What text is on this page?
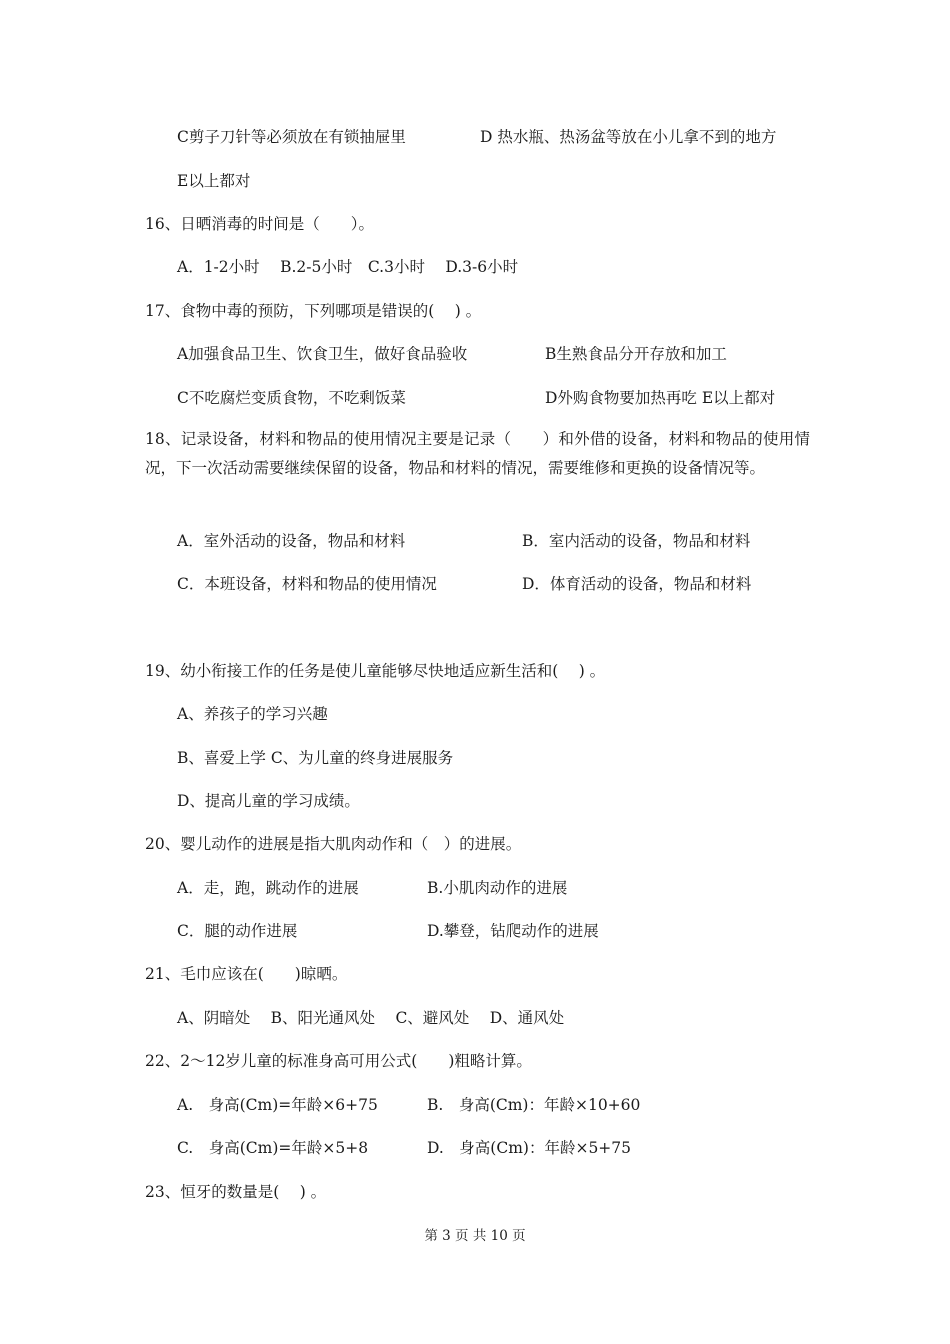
C剪子刀针等必须放在有锁抽屉里	D 热水瓶、热汤盆等放在小儿拿不到的地方
E以上都对
16、日晒消毒的时间是（　　）。
A．1-2小时　 B.2-5小时　C.3小时　 D.3-6小时
17、食物中毒的预防，下列哪项是错误的(　 ) 。
A加强食品卫生、饮食卫生，做好食品验收	B生熟食品分开存放和加工
C不吃腐烂变质食物，不吃剩饭菜	D外购食物要加热再吃 E以上都对
18、记录设备，材料和物品的使用情况主要是记录（　　）和外借的设备，材料和物品的使用情况，下一次活动需要继续保留的设备，物品和材料的情况，需要维修和更换的设备情况等。
A．室外活动的设备，物品和材料	B．室内活动的设备，物品和材料
C．本班设备，材料和物品的使用情况	D．体育活动的设备，物品和材料
19、幼小衔接工作的任务是使儿童能够尽快地适应新生活和(　 ) 。
A、养孩子的学习兴趣
B、喜爱上学 C、为儿童的终身进展服务
D、提高儿童的学习成绩。
20、婴儿动作的进展是指大肌肉动作和（　）的进展。
A．走，跑，跳动作的进展	B.小肌肉动作的进展
C．腿的动作进展	D.攀登，钻爬动作的进展
21、毛巾应该在(　　)晾晒。
A、阴暗处　 B、阳光通风处　 C、避风处　 D、通风处
22、2～12岁儿童的标准身高可用公式(　　)粗略计算。
A.　身高(Cm)=年龄×6+75	B.　身高(Cm)：年龄×10+60
C.　身高(Cm)=年龄×5+8	D.　身高(Cm)：年龄×5+75
23、恒牙的数量是(　 ) 。
第 3 页 共 10 页
